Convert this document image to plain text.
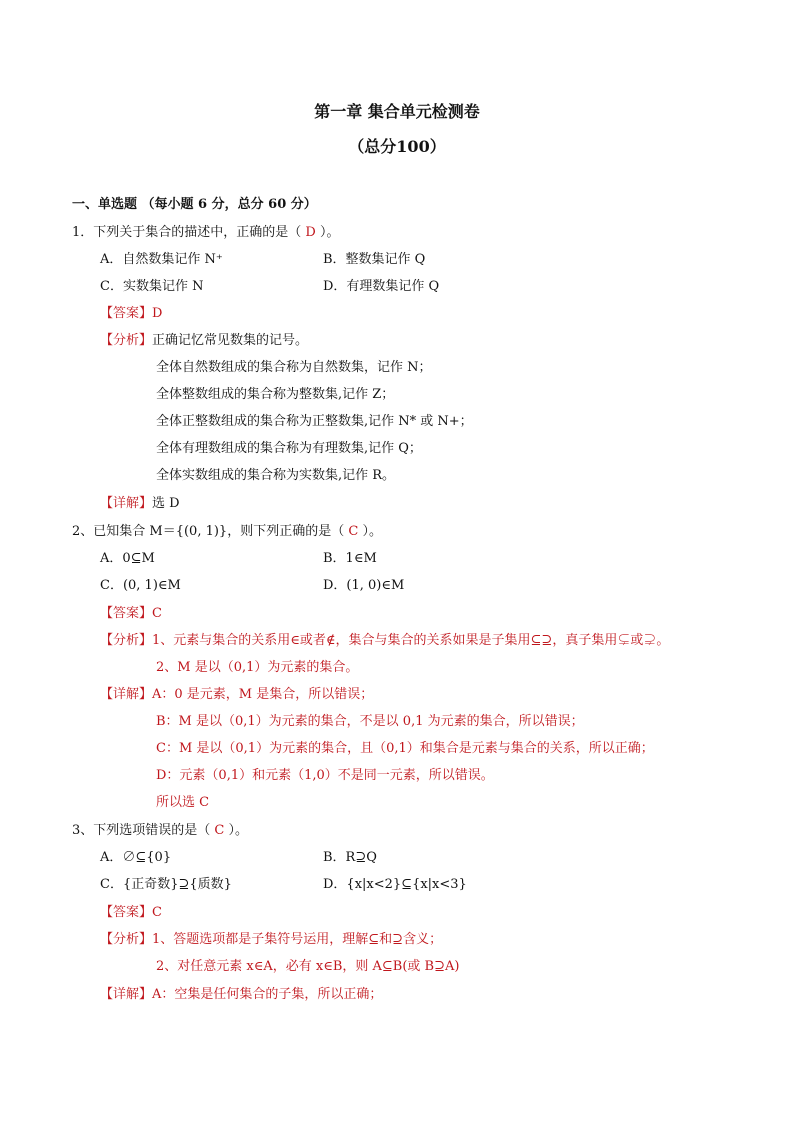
第一章 集合单元检测卷
（总分100）
一、单选题 （每小题 6 分，总分 60 分）
1．下列关于集合的描述中，正确的是（ D ）。
A．自然数集记作 N⁺	B．整数集记作 Q
C．实数集记作 N	D．有理数集记作 Q
【答案】D
【分析】正确记忆常见数集的记号。
全体自然数组成的集合称为自然数集，记作 N；
全体整数组成的集合称为整数集,记作 Z；
全体正整数组成的集合称为正整数集,记作 N* 或 N+；
全体有理数组成的集合称为有理数集,记作 Q；
全体实数组成的集合称为实数集,记作 R。
【详解】选 D
2、已知集合 M＝{(0, 1)}，则下列正确的是（ C ）。
A．0⊆M	B．1∈M
C．(0, 1)∈M	D．(1, 0)∈M
【答案】C
【分析】1、元素与集合的关系用∈或者∉，集合与集合的关系如果是子集用⊆⊇，真子集用⊊或⊋。
2、M 是以（0,1）为元素的集合。
【详解】A：0 是元素，M 是集合，所以错误；
B：M 是以（0,1）为元素的集合，不是以 0,1 为元素的集合，所以错误；
C：M 是以（0,1）为元素的集合，且（0,1）和集合是元素与集合的关系，所以正确；
D：元素（0,1）和元素（1,0）不是同一元素，所以错误。
所以选 C
3、下列选项错误的是（ C ）。
A．∅⊆{0}	B．R⊇Q
C．{正奇数}⊇{质数}	D．{x|x<2}⊆{x|x<3}
【答案】C
【分析】1、答题选项都是子集符号运用，理解⊆和⊇含义；
2、对任意元素 x∈A，必有 x∈B，则 A⊆B(或 B⊇A)
【详解】A：空集是任何集合的子集，所以正确；
